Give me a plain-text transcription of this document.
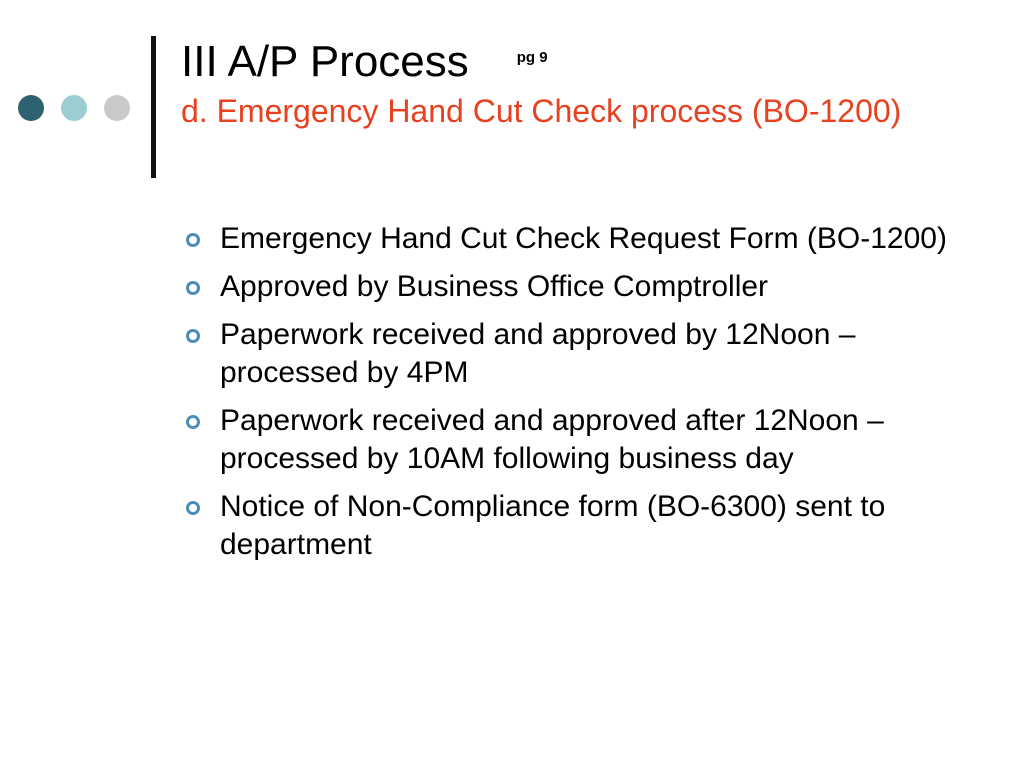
III A/P Process	pg 9
d. Emergency Hand Cut Check process (BO-1200)
Emergency Hand Cut Check Request Form (BO-1200)
Approved by Business Office Comptroller
Paperwork received and approved by 12Noon – processed by 4PM
Paperwork received and approved after 12Noon – processed by 10AM following business day
Notice of Non-Compliance form (BO-6300) sent to department
